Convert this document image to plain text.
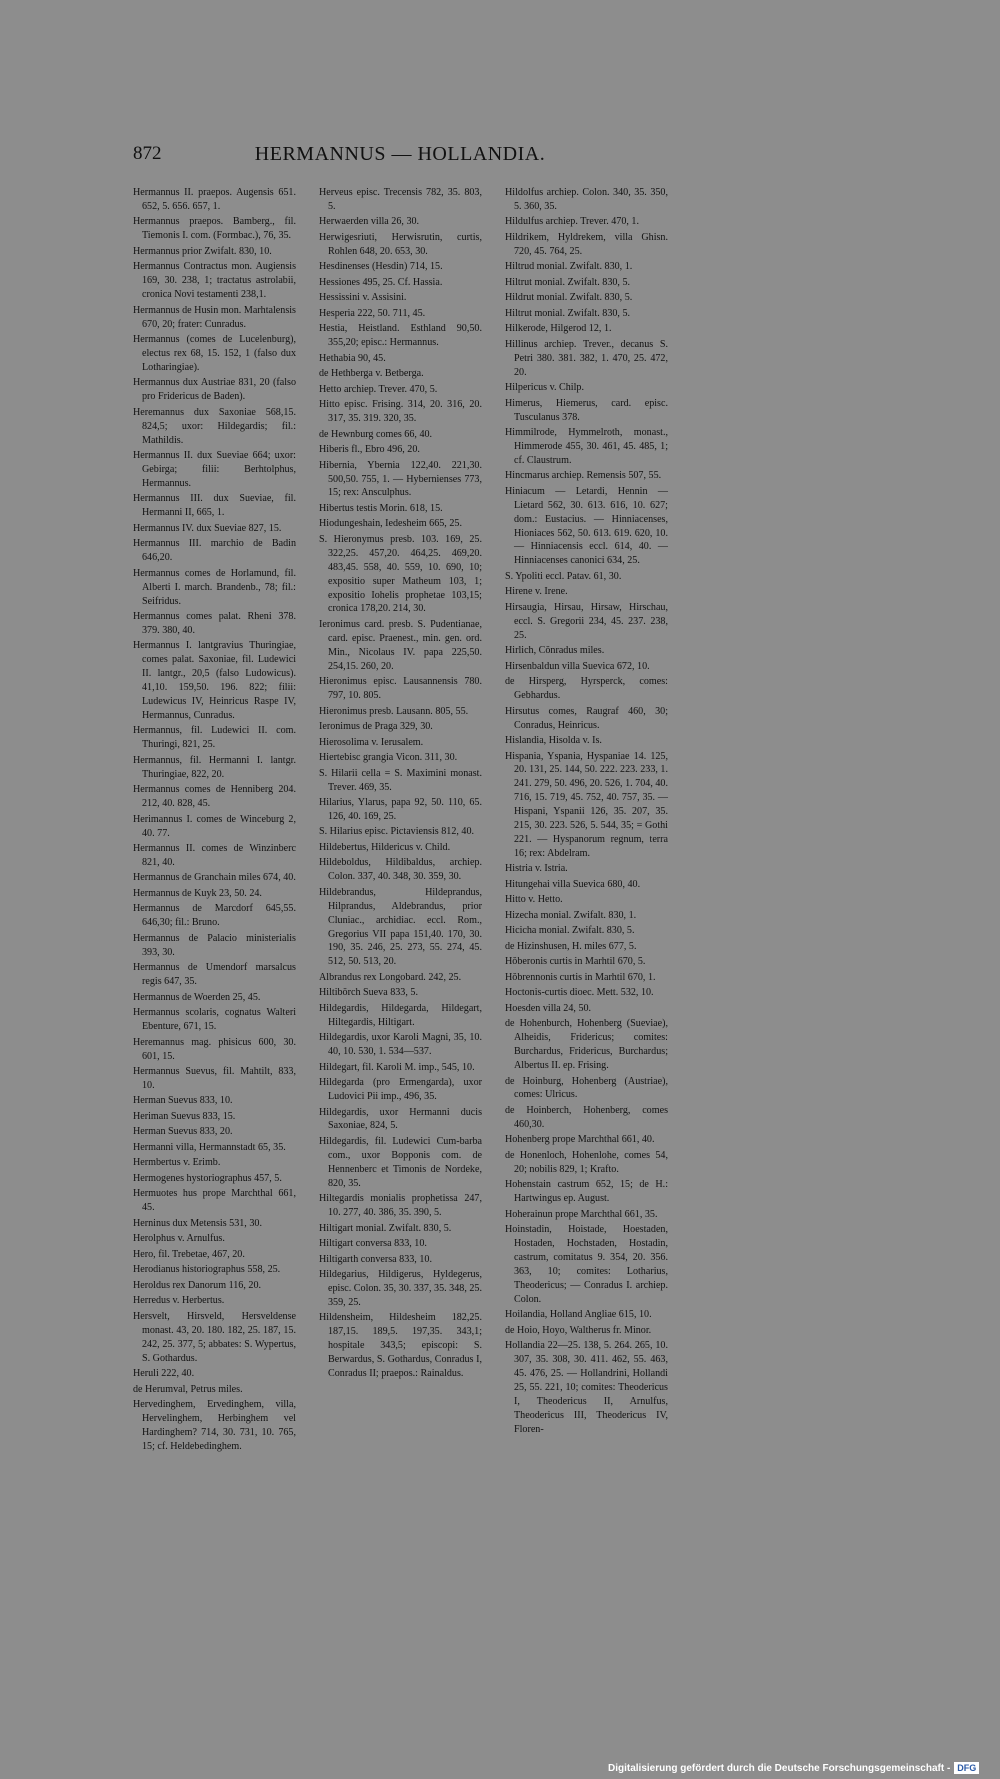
872	HERMANNUS — HOLLANDIA.

Hermannus II. praepos. Augensis 651. 652, 5. 656. 657, 1.

Hermannus praepos. Bamberg., fil. Tiemonis I. com. (Formbac.), 76, 35.

Hermannus prior Zwifalt. 830, 10.

Hermannus Contractus mon. Augiensis 169, 30. 238, 1; tractatus astrolabii, cronica Novi testamenti 238,1.

Hermannus de Husin mon. Marhtalensis 670, 20; frater: Cunradus.

Hermannus (comes de Lucelenburg), electus rex 68, 15. 152, 1 (falso dux Lotharingiae).

Hermannus dux Austriae 831, 20 (falso pro Fridericus de Baden).

Heremannus dux Saxoniae 568,15. 824,5; uxor: Hildegardis; fil.: Mathildis.

Hermannus II. dux Sueviae 664; uxor: Gebirga; filii: Berhtolphus, Hermannus.

Hermannus III. dux Sueviae, fil. Hermanni II, 665, 1.

Hermannus IV. dux Sueviae 827, 15.

Hermannus III. marchio de Badin 646,20.

Hermannus comes de Horlamund, fil. Alberti I. march. Brandenb., 78; fil.: Seifridus.

Hermannus comes palat. Rheni 378. 379. 380, 40.

Hermannus I. lantgravius Thuringiae, comes palat. Saxoniae, fil. Ludewici II. lantgr., 20,5 (falso Ludowicus). 41,10. 159,50. 196. 822; filii: Ludewicus IV, Heinricus Raspe IV, Hermannus, Cunradus.

Hermannus, fil. Ludewici II. com. Thuringi, 821, 25.

Hermannus, fil. Hermanni I. lantgr. Thuringiae, 822, 20.

Hermannus comes de Henniberg 204. 212, 40. 828, 45.

Herimannus I. comes de Winceburg 2, 40. 77.

Hermannus II. comes de Winzinberc 821, 40.

Hermannus de Granchain miles 674, 40.

Hermannus de Kuyk 23, 50. 24.

Hermannus de Marcdorf 645,55. 646,30; fil.: Bruno.

Hermannus de Palacio ministerialis 393, 30.

Hermannus de Umendorf marsalcus regis 647, 35.

Hermannus de Woerden 25, 45.

Hermannus scolaris, cognatus Walteri Ebenture, 671, 15.

Heremannus mag. phisicus 600, 30. 601, 15.

Hermannus Suevus, fil. Mahtilt, 833, 10.

Herman Suevus 833, 10.

Heriman Suevus 833, 15.

Herman Suevus 833, 20.

Hermanni villa, Hermannstadt 65, 35.

Hermbertus v. Erimb.

Hermogenes hystoriographus 457, 5.

Hermuotes hus prope Marchthal 661, 45.

Herninus dux Metensis 531, 30.

Herolphus v. Arnulfus.

Hero, fil. Trebetae, 467, 20.

Herodianus historiographus 558, 25.

Heroldus rex Danorum 116, 20.

Herredus v. Herbertus.

Hersvelt, Hirsveld, Hersveldense monast. 43, 20. 180. 182, 25. 187, 15. 242, 25. 377, 5; abbates: S. Wypertus, S. Gothardus.

Heruli 222, 40.

de Herumval, Petrus miles.

Hervedinghem, Ervedinghem, villa, Hervelinghem, Herbinghem vel Hardinghem? 714, 30. 731, 10. 765, 15; cf. Heldebedinghem.

Herveus episc. Trecensis 782, 35. 803, 5.

Herwaerden villa 26, 30.

Herwigesriuti, Herwisrutin, curtis, Rohlen 648, 20. 653, 30.

Hesdinenses (Hesdin) 714, 15.

Hessiones 495, 25. Cf. Hassia.

Hessissini v. Assisini.

Hesperia 222, 50. 711, 45.

Hestia, Heistland. Esthland 90,50. 355,20; episc.: Hermannus.

Hethabia 90, 45.

de Hethberga v. Betberga.

Hetto archiep. Trever. 470, 5.

Hitto episc. Frising. 314, 20. 316, 20. 317, 35. 319. 320, 35.

de Hewnburg comes 66, 40.

Hiberis fl., Ebro 496, 20.

Hibernia, Ybernia 122,40. 221,30. 500,50. 755, 1. — Hybernienses 773, 15; rex: Ansculphus.

Hibertus testis Morin. 618, 15.

Hiodungeshain, Iedesheim 665, 25.

S. Hieronymus presb. 103. 169, 25. 322,25. 457,20. 464,25. 469,20. 483,45. 558, 40. 559, 10. 690, 10; expositio super Matheum 103, 1; expositio Iohelis prophetae 103,15; cronica 178,20. 214, 30.

Ieronimus card. presb. S. Pudentianae, card. episc. Praenest., min. gen. ord. Min., Nicolaus IV. papa 225,50. 254,15. 260, 20.

Hieronimus episc. Lausannensis 780. 797, 10. 805.

Hieronimus presb. Lausann. 805, 55.

Ieronimus de Praga 329, 30.

Hierosolima v. Ierusalem.

Hiertebisc grangia Vicon. 311, 30.

S. Hilarii cella = S. Maximini monast. Trever. 469, 35.

Hilarius, Ylarus, papa 92, 50. 110, 65. 126, 40. 169, 25.

S. Hilarius episc. Pictaviensis 812, 40.

Hildebertus, Hildericus v. Child.

Hildeboldus, Hildibaldus, archiep. Colon. 337, 40. 348, 30. 359, 30.

Hildebrandus, Hildeprandus, Hilprandus, Aldebrandus, prior Cluniac., archidiac. eccl. Rom., Gregorius VII papa 151,40. 170, 30. 190, 35. 246, 25. 273, 55. 274, 45. 512, 50. 513, 20.

Albrandus rex Longobard. 242, 25.

Hiltibŏrch Sueva 833, 5.

Hildegardis, Hildegarda, Hildegart, Hiltegardis, Hiltigart.

Hildegardis, uxor Karoli Magni, 35, 10. 40, 10. 530, 1. 534—537.

Hildegart, fil. Karoli M. imp., 545, 10.

Hildegarda (pro Ermengarda), uxor Ludovici Pii imp., 496, 35.

Hildegardis, uxor Hermanni ducis Saxoniae, 824, 5.

Hildegardis, fil. Ludewici Cum-barba com., uxor Bopponis com. de Hennenberc et Timonis de Nordeke, 820, 35.

Hiltegardis monialis prophetissa 247, 10. 277, 40. 386, 35. 390, 5.

Hiltigart monial. Zwifalt. 830, 5.

Hiltigart conversa 833, 10.

Hiltigarth conversa 833, 10.

Hildegarius, Hildigerus, Hyldegerus, episc. Colon. 35, 30. 337, 35. 348, 25. 359, 25.

Hildensheim, Hildesheim 182,25. 187,15. 189,5. 197,35. 343,1; hospitale 343,5; episcopi: S. Berwardus, S. Gothardus, Conradus I, Conradus II; praepos.: Rainaldus.

Hildolfus archiep. Colon. 340, 35. 350, 5. 360, 35.

Hildulfus archiep. Trever. 470, 1.

Hildrikem, Hyldrekem, villa Ghisn. 720, 45. 764, 25.

Hiltrud monial. Zwifalt. 830, 1.

Hiltrut monial. Zwifalt. 830, 5.

Hildrut monial. Zwifalt. 830, 5.

Hiltrut monial. Zwifalt. 830, 5.

Hilkerode, Hilgerod 12, 1.

Hillinus archiep. Trever., decanus S. Petri 380. 381. 382, 1. 470, 25. 472, 20.

Hilpericus v. Chilp.

Himerus, Hiemerus, card. episc. Tusculanus 378.

Himmilrode, Hymmelroth, monast., Himmerode 455, 30. 461, 45. 485, 1; cf. Claustrum.

Hincmarus archiep. Remensis 507, 55.

Hiniacum — Letardi, Hennin — Lietard 562, 30. 613. 616, 10. 627; dom.: Eustacius. — Hinniacenses, Hioniaces 562, 50. 613. 619. 620, 10. — Hinniacensis eccl. 614, 40. — Hinniacenses canonici 634, 25.

S. Ypoliti eccl. Patav. 61, 30.

Hirene v. Irene.

Hirsaugia, Hirsau, Hirsaw, Hirschau, eccl. S. Gregorii 234, 45. 237. 238, 25.

Hirlich, Cŏnradus miles.

Hirsenbaldun villa Suevica 672, 10.

de Hirsperg, Hyrsperck, comes: Gebhardus.

Hirsutus comes, Raugraf 460, 30; Conradus, Heinricus.

Hislandia, Hisolda v. Is.

Hispania, Yspania, Hyspaniae 14. 125, 20. 131, 25. 144, 50. 222. 223. 233, 1. 241. 279, 50. 496, 20. 526, 1. 704, 40. 716, 15. 719, 45. 752, 40. 757, 35. — Hispani, Yspanii 126, 35. 207, 35. 215, 30. 223. 526, 5. 544, 35; = Gothi 221. — Hyspanorum regnum, terra 16; rex: Abdelram.

Histria v. Istria.

Hitungehai villa Suevica 680, 40.

Hitto v. Hetto.

Hizecha monial. Zwifalt. 830, 1.

Hicicha monial. Zwifalt. 830, 5.

de Hizinshusen, H. miles 677, 5.

Hŏberonis curtis in Marhtil 670, 5.

Hŏbrennonis curtis in Marhtil 670, 1.

Hoctonis-curtis dioec. Mett. 532, 10.

Hoesden villa 24, 50.

de Hohenburch, Hohenberg (Sueviae), Alheidis, Fridericus; comites: Burchardus, Fridericus, Burchardus; Albertus II. ep. Frising.

de Hoinburg, Hohenberg (Austriae), comes: Ulricus.

de Hoinberch, Hohenberg, comes 460,30.

Hohenberg prope Marchthal 661, 40.

de Honenloch, Hohenlohe, comes 54, 20; nobilis 829, 1; Krafto.

Hohenstain castrum 652, 15; de H.: Hartwingus ep. August.

Hoherainun prope Marchthal 661, 35.

Hoinstadin, Hoistade, Hoestaden, Hostaden, Hochstaden, Hostadin, castrum, comitatus 9. 354, 20. 356. 363, 10; comites: Lotharius, Theodericus; — Conradus I. archiep. Colon.

Hoilandia, Holland Angliae 615, 10.

de Hoio, Hoyo, Waltherus fr. Minor.

Hollandia 22—25. 138, 5. 264. 265, 10. 307, 35. 308, 30. 411. 462, 55. 463, 45. 476, 25. — Hollandrini, Hollandi 25, 55. 221, 10; comites: Theodericus I, Theodericus II, Arnulfus, Theodericus III, Theodericus IV, Floren-

Digitalisierung gefördert durch die Deutsche Forschungsgemeinschaft - DFG
